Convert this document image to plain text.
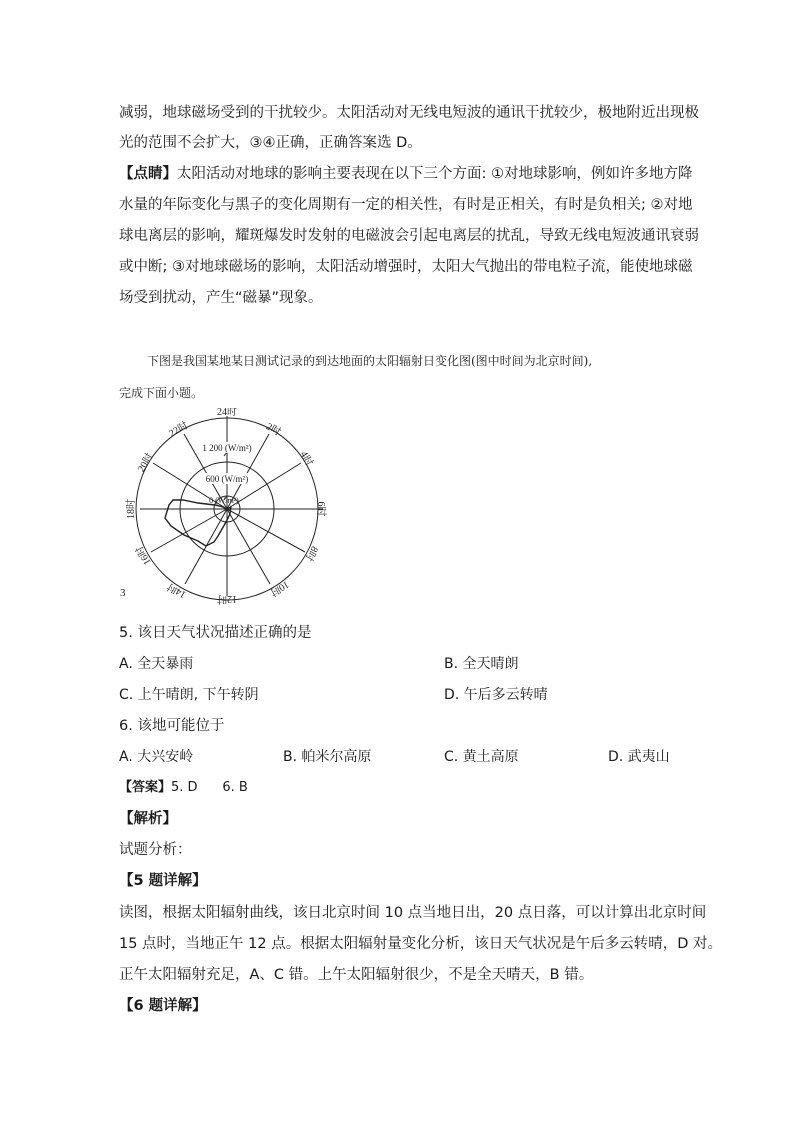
减弱，地球磁场受到的干扰较少。太阳活动对无线电短波的通讯干扰较少，极地附近出现极
光的范围不会扩大，③④正确，正确答案选 D。
【点睛】太阳活动对地球的影响主要表现在以下三个方面: ①对地球影响，例如许多地方降
水量的年际变化与黑子的变化周期有一定的相关性，有时是正相关，有时是负相关; ②对地
球电离层的影响，耀斑爆发时发射的电磁波会引起电离层的扰乱，导致无线电短波通讯衰弱
或中断; ③对地球磁场的影响，太阳活动增强时，太阳大气抛出的带电粒子流，能使地球磁
场受到扰动，产生“磁暴”现象。
下图是我国某地某日测试记录的到达地面的太阳辐射日变化图(图中时间为北京时间),
完成下面小题。
24时
2时
4时
6时
8时
10时
12时
14时
16时
18时
20时
22时
1 200 (W/m²)
600 (W/m²)
0 (W/m²)
3
5. 该日天气状况描述正确的是
A. 全天暴雨	B. 全天晴朗
C. 上午晴朗, 下午转阴	D. 午后多云转晴
6. 该地可能位于
A. 大兴安岭	B. 帕米尔高原	C. 黄土高原	D. 武夷山
【答案】5. D      6. B
【解析】
试题分析：
【5 题详解】
读图，根据太阳辐射曲线，该日北京时间 10 点当地日出，20 点日落，可以计算出北京时间
15 点时，当地正午 12 点。根据太阳辐射量变化分析，该日天气状况是午后多云转晴，D 对。
正午太阳辐射充足，A、C 错。上午太阳辐射很少，不是全天晴天，B 错。
【6 题详解】
